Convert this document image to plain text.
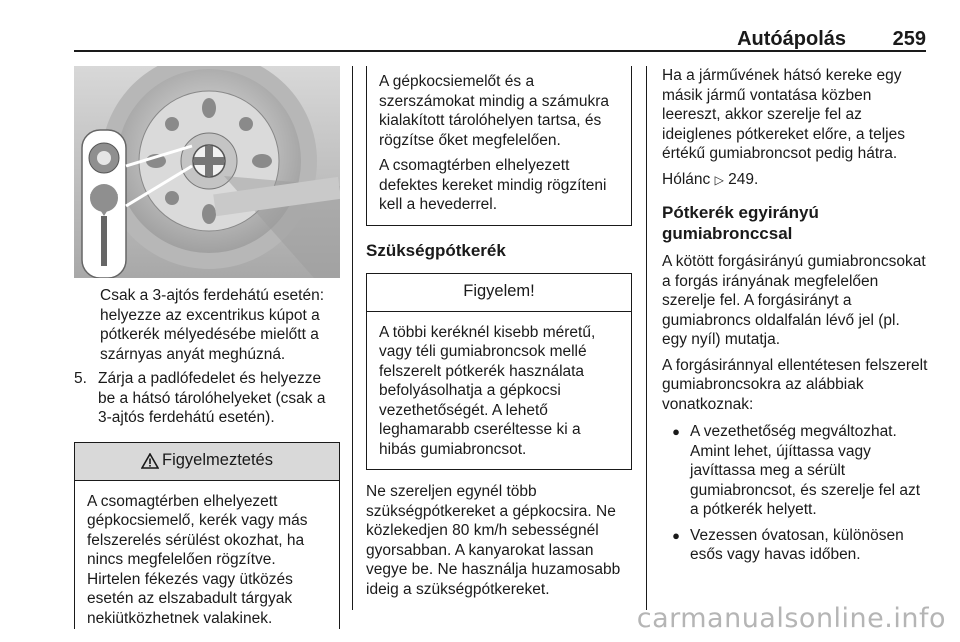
Autóápolás 259

Csak a 3-ajtós ferdehátú esetén: helyezze az excentrikus kúpot a pótkerék mélyedésébe mielőtt a szárnyas anyát meghúzná.

5. Zárja a padlófedelet és helyezze be a hátsó tárolóhelyeket (csak a 3-ajtós ferdehátú esetén).
Figyelmeztetés

A csomagtérben elhelyezett gépkocsiemelő, kerék vagy más felszerelés sérülést okozhat, ha nincs megfelelően rögzítve. Hirtelen fékezés vagy ütközés esetén az elszabadult tárgyak nekiütközhetnek valakinek.

A gépkocsiemelőt és a szerszámokat mindig a számukra kialakított tárolóhelyen tartsa, és rögzítse őket megfelelően.

A csomagtérben elhelyezett defektes kereket mindig rögzíteni kell a hevederrel.

Szükségpótkerék
Figyelem!

A többi keréknél kisebb méretű, vagy téli gumiabroncsok mellé felszerelt pótkerék használata befolyásolhatja a gépkocsi vezethetőségét. A lehető leghamarabb cseréltesse ki a hibás gumiabroncsot.

Ne szereljen egynél több szükségpótkereket a gépkocsira. Ne közlekedjen 80 km/h sebességnél gyorsabban. A kanyarokat lassan vegye be. Ne használja huzamosabb ideig a szükségpótkereket.

Ha a járművének hátsó kereke egy másik jármű vontatása közben leereszt, akkor szerelje fel az ideiglenes pótkereket előre, a teljes értékű gumiabroncsot pedig hátra.

Hólánc ▷ 249.

Pótkerék egyirányú gumiabronccsal

A kötött forgásirányú gumiabroncsokat a forgás irányának megfelelően szerelje fel. A forgásirányt a gumiabroncs oldalfalán lévő jel (pl. egy nyíl) mutatja.

A forgásiránnyal ellentétesen felszerelt gumiabroncsokra az alábbiak vonatkoznak:

● A vezethetőség megváltozhat. Amint lehet, újíttassa vagy javíttassa meg a sérült gumiabroncsot, és szerelje fel azt a pótkerék helyett.
● Vezessen óvatosan, különösen esős vagy havas időben.
carmanualsonline.info
